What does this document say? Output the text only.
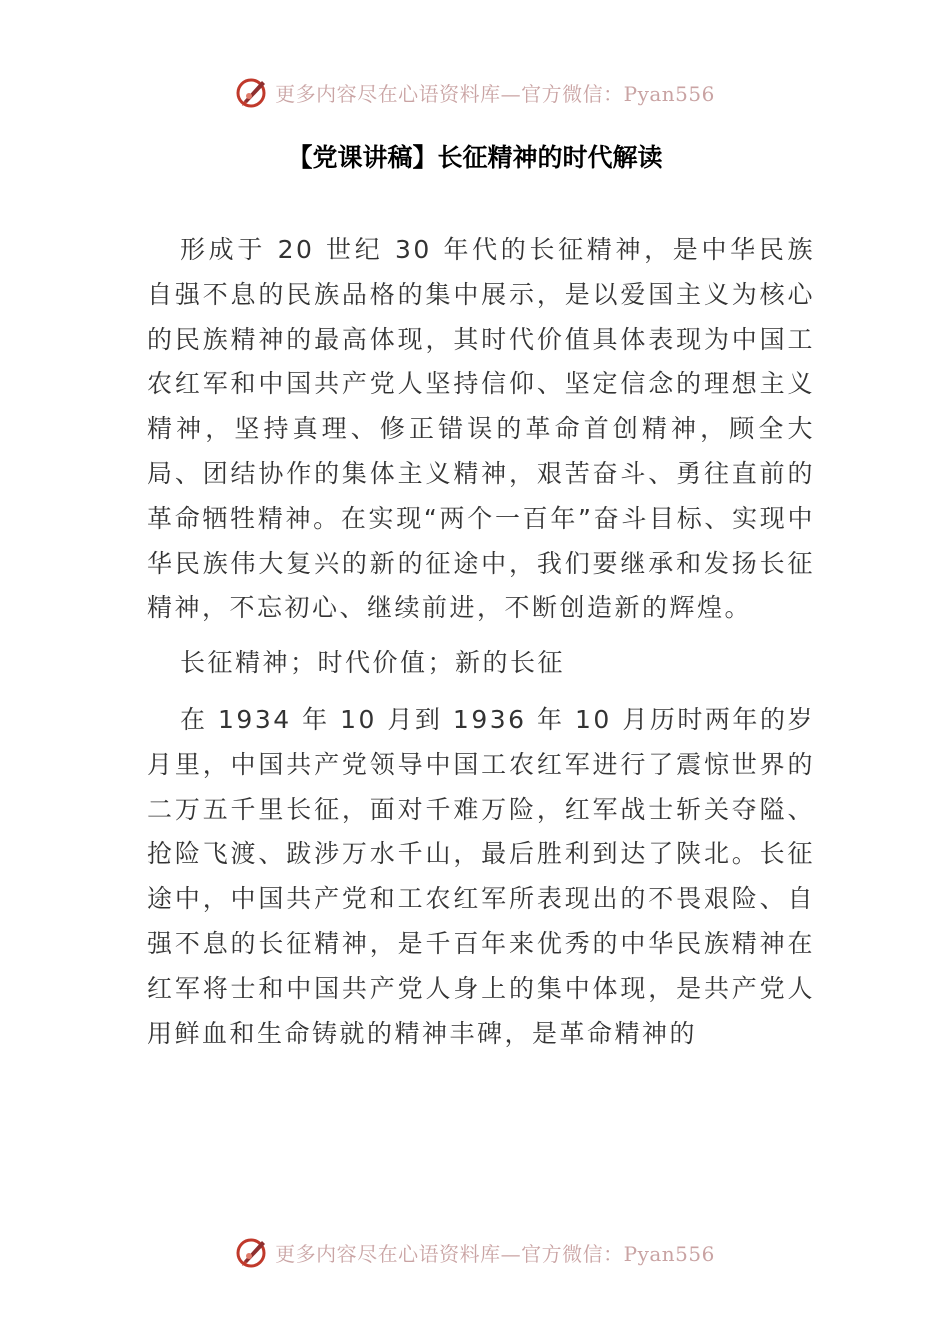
更多内容尽在心语资料库—官方微信：Pyan556
【党课讲稿】长征精神的时代解读

形成于 20 世纪 30 年代的长征精神，是中华民族自强不息的民族品格的集中展示，是以爱国主义为核心的民族精神的最高体现，其时代价值具体表现为中国工农红军和中国共产党人坚持信仰、坚定信念的理想主义精神，坚持真理、修正错误的革命首创精神，顾全大局、团结协作的集体主义精神，艰苦奋斗、勇往直前的革命牺牲精神。在实现“两个一百年”奋斗目标、实现中华民族伟大复兴的新的征途中，我们要继承和发扬长征精神，不忘初心、继续前进，不断创造新的辉煌。

长征精神；时代价值；新的长征

在 1934 年 10 月到 1936 年 10 月历时两年的岁月里，中国共产党领导中国工农红军进行了震惊世界的二万五千里长征，面对千难万险，红军战士斩关夺隘、抢险飞渡、跋涉万水千山，最后胜利到达了陕北。长征途中，中国共产党和工农红军所表现出的不畏艰险、自强不息的长征精神，是千百年来优秀的中华民族精神在红军将士和中国共产党人身上的集中体现，是共产党人用鲜血和生命铸就的精神丰碑，是革命精神的

更多内容尽在心语资料库—官方微信：Pyan556
